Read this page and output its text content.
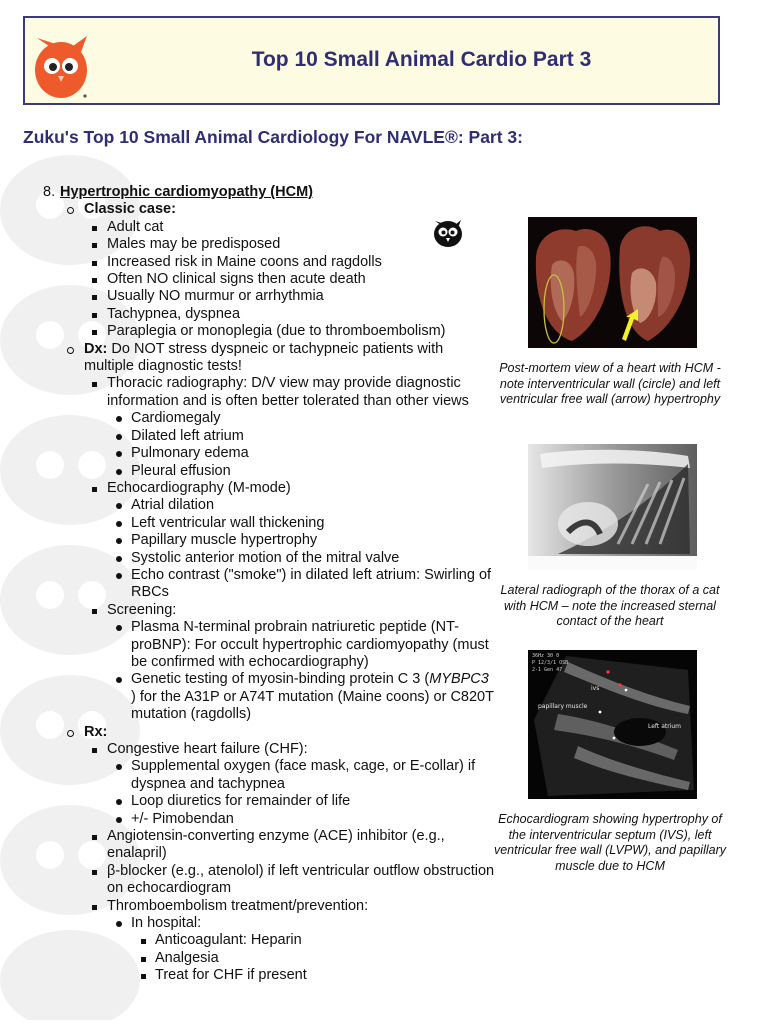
Top 10 Small Animal Cardio Part 3
Zuku's Top 10 Small Animal Cardiology For NAVLE®: Part 3:
8. Hypertrophic cardiomyopathy (HCM)
Classic case:
Adult cat
Males may be predisposed
Increased risk in Maine coons and ragdolls
Often NO clinical signs then acute death
Usually NO murmur or arrhythmia
Tachypnea, dyspnea
Paraplegia or monoplegia (due to thromboembolism)
Dx: Do NOT stress dyspneic or tachypneic patients with multiple diagnostic tests!
Thoracic radiography: D/V view may provide diagnostic information and is often better tolerated than other views
Cardiomegaly
Dilated left atrium
Pulmonary edema
Pleural effusion
Echocardiography (M-mode)
Atrial dilation
Left ventricular wall thickening
Papillary muscle hypertrophy
Systolic anterior motion of the mitral valve
Echo contrast ("smoke") in dilated left atrium: Swirling of RBCs
Screening:
Plasma N-terminal probrain natriuretic peptide (NT-proBNP): For occult hypertrophic cardiomyopathy (must be confirmed with echocardiography)
Genetic testing of myosin-binding protein C 3 (MYBPC3 ) for the A31P or A74T mutation (Maine coons) or C820T mutation (ragdolls)
Rx:
Congestive heart failure (CHF):
Supplemental oxygen (face mask, cage, or E-collar) if dyspnea and tachypnea
Loop diuretics for remainder of life
+/- Pimobendan
Angiotensin-converting enzyme (ACE) inhibitor (e.g., enalapril)
β-blocker (e.g., atenolol) if left ventricular outflow obstruction on echocardiogram
Thromboembolism treatment/prevention:
In hospital:
Anticoagulant: Heparin
Analgesia
Treat for CHF if present
Post-mortem view of a heart with HCM - note interventricular wall (circle) and left ventricular free wall (arrow) hypertrophy
Lateral radiograph of the thorax of a cat with HCM – note the increased sternal contact of the heart
36Hz 30 0
P 12/3/1 OSB
2-1 Gen 47
ivs
papillary muscle
Left atrium
Echocardiogram showing hypertrophy of the interventricular septum (IVS), left ventricular free wall (LVPW), and papillary muscle due to HCM
